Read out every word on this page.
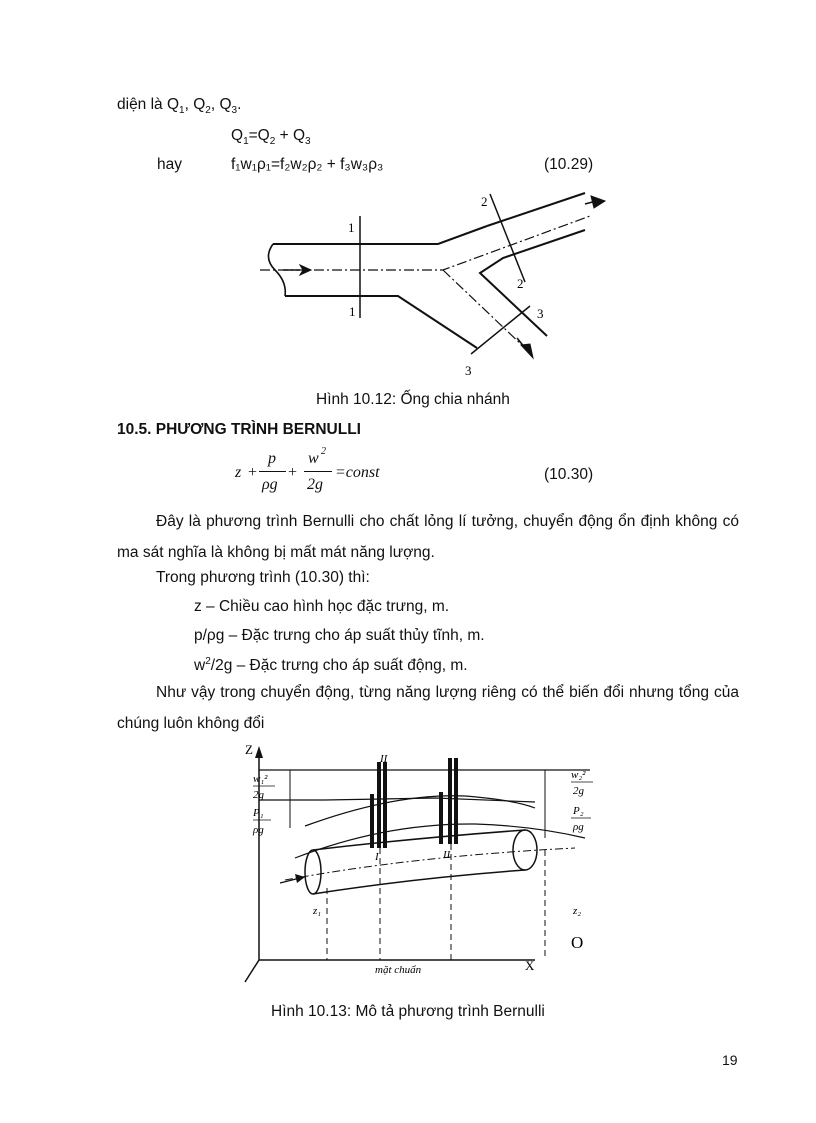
diện là $Q_1$, $Q_2$, $Q_3$.
$Q_1=Q_2 + Q_3$
hay	f₁w₁ρ₁=f₂w₂ρ₂ + f₃w₃ρ₃	(10.29)
1
1
2
2
3
3
Hình 10.12: Ống chia nhánh
10.5. PHƯƠNG TRÌNH BERNULLI
z +
p
ρg
+
w 2
2g
=const	(10.30)
Đây là phương trình Bernulli cho chất lỏng lí tưởng, chuyển động ổn định không có ma sát nghĩa là không bị mất mát năng lượng.
Trong phương trình (10.30) thì:
z – Chiều cao hình học đặc trưng, m.
p/ρg – Đặc trưng cho áp suất thủy tĩnh, m.
$w^2/2g$ – Đặc trưng cho áp suất động, m.
Như vậy trong chuyển động, từng năng lượng riêng có thể biến đổi nhưng tổng của chúng luôn không đổi
Z
X
O
mặt chuẩn
II
I	II
w₁²
2g
P₁
ρg
w₂²
2g
P₂
ρg
z₁	z₂
Hình 10.13: Mô tả phương trình Bernulli
19
